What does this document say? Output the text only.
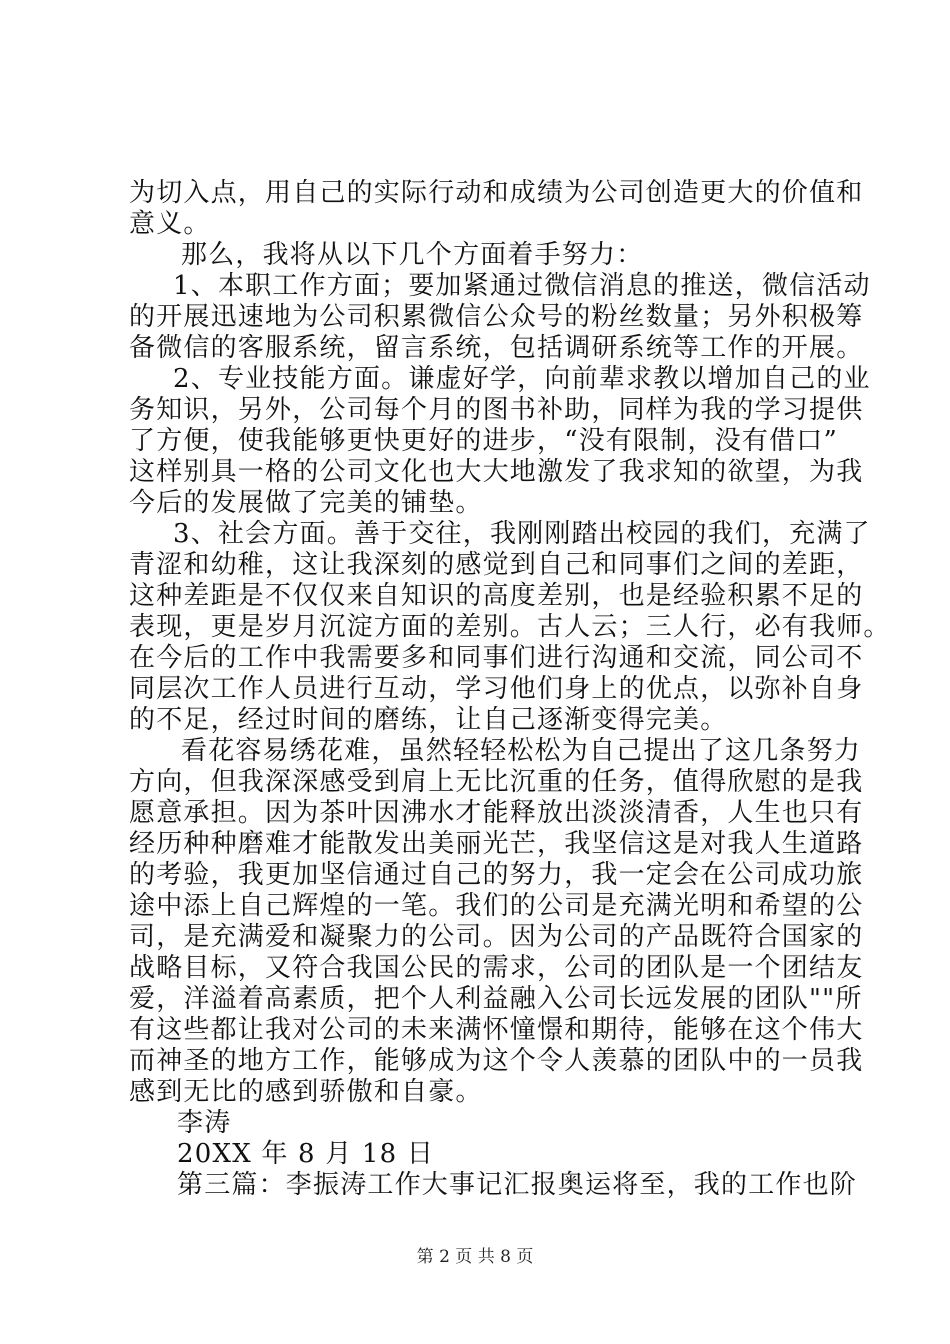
为切入点，用自己的实际行动和成绩为公司创造更大的价值和
意义。
那么，我将从以下几个方面着手努力：
1、本职工作方面；要加紧通过微信消息的推送，微信活动
的开展迅速地为公司积累微信公众号的粉丝数量；另外积极筹
备微信的客服系统，留言系统，包括调研系统等工作的开展。
2、专业技能方面。谦虚好学，向前辈求教以增加自己的业
务知识，另外，公司每个月的图书补助，同样为我的学习提供
了方便，使我能够更快更好的进步，“没有限制，没有借口”
这样别具一格的公司文化也大大地激发了我求知的欲望，为我
今后的发展做了完美的铺垫。
3、社会方面。善于交往，我刚刚踏出校园的我们，充满了
青涩和幼稚，这让我深刻的感觉到自己和同事们之间的差距，
这种差距是不仅仅来自知识的高度差别，也是经验积累不足的
表现，更是岁月沉淀方面的差别。古人云；三人行，必有我师。
在今后的工作中我需要多和同事们进行沟通和交流，同公司不
同层次工作人员进行互动，学习他们身上的优点，以弥补自身
的不足，经过时间的磨练，让自己逐渐变得完美。
看花容易绣花难，虽然轻轻松松为自己提出了这几条努力
方向，但我深深感受到肩上无比沉重的任务，值得欣慰的是我
愿意承担。因为茶叶因沸水才能释放出淡淡清香，人生也只有
经历种种磨难才能散发出美丽光芒，我坚信这是对我人生道路
的考验，我更加坚信通过自己的努力，我一定会在公司成功旅
途中添上自己辉煌的一笔。我们的公司是充满光明和希望的公
司，是充满爱和凝聚力的公司。因为公司的产品既符合国家的
战略目标，又符合我国公民的需求，公司的团队是一个团结友
爱，洋溢着高素质，把个人利益融入公司长远发展的团队""所
有这些都让我对公司的未来满怀憧憬和期待，能够在这个伟大
而神圣的地方工作，能够成为这个令人羡慕的团队中的一员我
感到无比的感到骄傲和自豪。
李涛
20XX 年 8 月 18 日
第三篇：李振涛工作大事记汇报奥运将至，我的工作也阶
第 2 页 共 8 页
